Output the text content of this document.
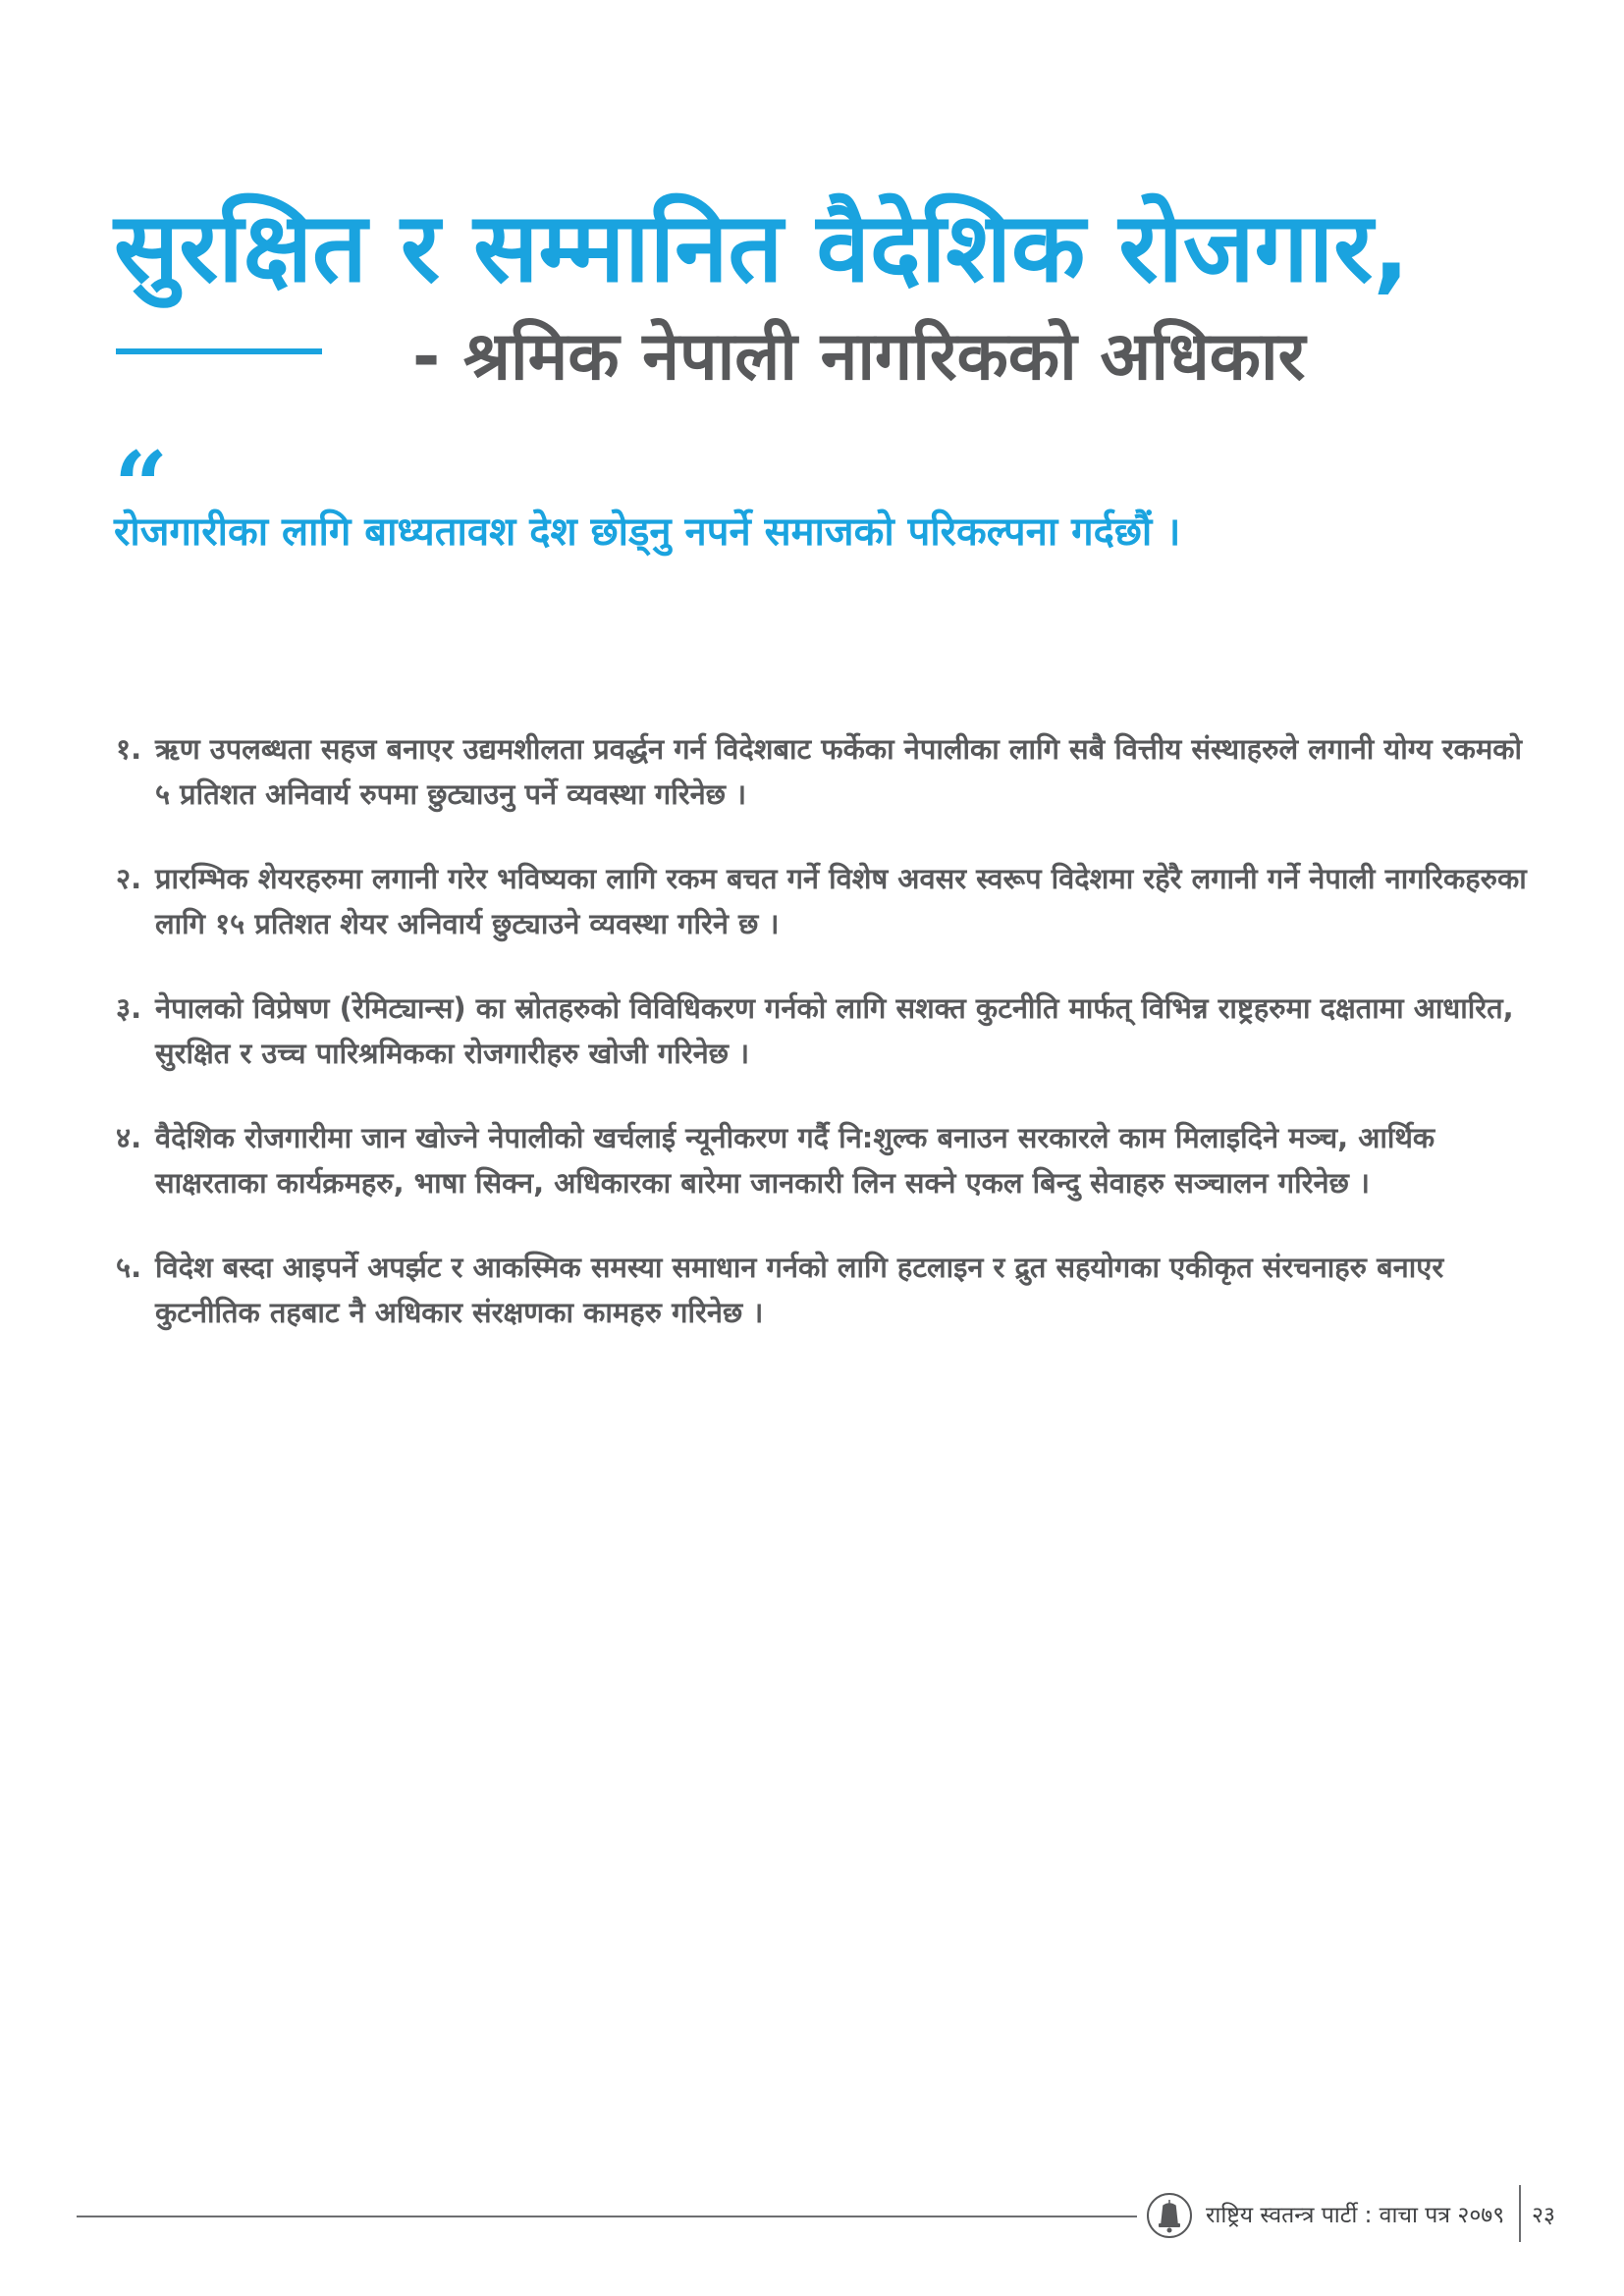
सुरक्षित र सम्मानित वैदेशिक रोजगार,
- श्रमिक नेपाली नागरिकको अधिकार
“

रोजगारीका लागि बाध्यतावश देश छोड्नु नपर्ने समाजको परिकल्पना गर्दछौं ।

१. ऋण उपलब्धता सहज बनाएर उद्यमशीलता प्रवर्द्धन गर्न विदेशबाट फर्केका नेपालीका लागि सबै वित्तीय संस्थाहरुले लगानी योग्य रकमको ५ प्रतिशत अनिवार्य रुपमा छुट्याउनु पर्ने व्यवस्था गरिनेछ ।
२. प्रारम्भिक शेयरहरुमा लगानी गरेर भविष्यका लागि रकम बचत गर्ने विशेष अवसर स्वरूप विदेशमा रहेरै लगानी गर्ने नेपाली नागरिकहरुका लागि १५ प्रतिशत शेयर अनिवार्य छुट्याउने व्यवस्था गरिने छ ।
३. नेपालको विप्रेषण (रेमिट्यान्स) का स्रोतहरुको विविधिकरण गर्नको लागि सशक्त कुटनीति मार्फत् विभिन्न राष्ट्रहरुमा दक्षतामा आधारित, सुरक्षित र उच्च पारिश्रमिकका रोजगारीहरु खोजी गरिनेछ ।
४. वैदेशिक रोजगारीमा जान खोज्ने नेपालीको खर्चलाई न्यूनीकरण गर्दै नि:शुल्क बनाउन सरकारले काम मिलाइदिने मञ्च, आर्थिक साक्षरताका कार्यक्रमहरु, भाषा सिक्न, अधिकारका बारेमा जानकारी लिन सक्ने एकल बिन्दु सेवाहरु सञ्चालन गरिनेछ ।
५. विदेश बस्दा आइपर्ने अपर्झट र आकस्मिक समस्या समाधान गर्नको लागि हटलाइन र द्रुत सहयोगका एकीकृत संरचनाहरु बनाएर कुटनीतिक तहबाट नै अधिकार संरक्षणका कामहरु गरिनेछ ।
राष्ट्रिय स्वतन्त्र पार्टी : वाचा पत्र २०७९ २३
